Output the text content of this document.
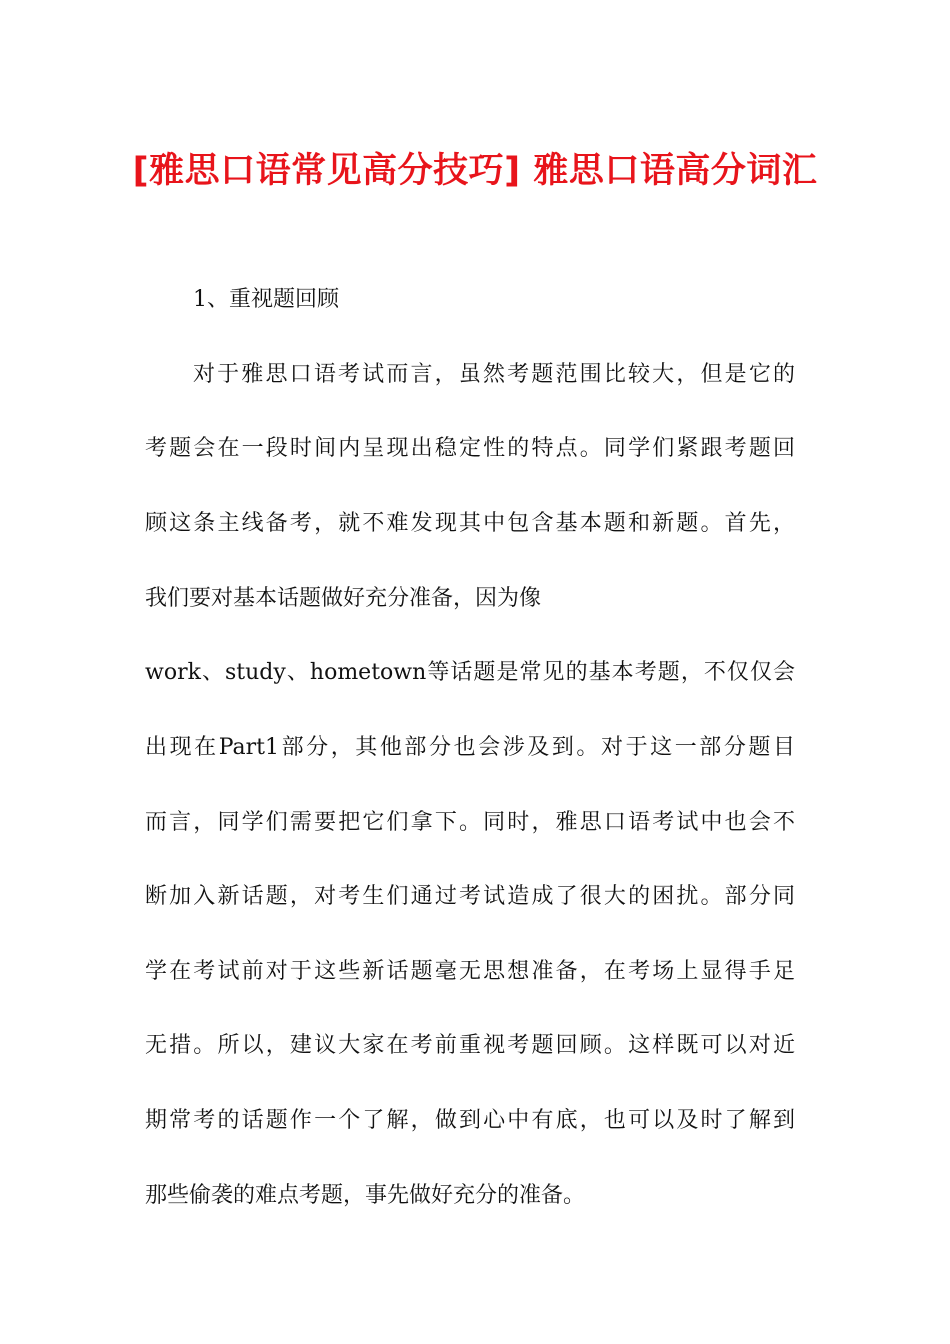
[雅思口语常见高分技巧] 雅思口语高分词汇
1、重视题回顾
对于雅思口语考试而言，虽然考题范围比较大，但是它的
考题会在一段时间内呈现出稳定性的特点。同学们紧跟考题回
顾这条主线备考，就不难发现其中包含基本题和新题。首先，
我们要对基本话题做好充分准备，因为像
work、study、hometown等话题是常见的基本考题，不仅仅会
出现在Part1部分，其他部分也会涉及到。对于这一部分题目
而言，同学们需要把它们拿下。同时，雅思口语考试中也会不
断加入新话题，对考生们通过考试造成了很大的困扰。部分同
学在考试前对于这些新话题毫无思想准备，在考场上显得手足
无措。所以，建议大家在考前重视考题回顾。这样既可以对近
期常考的话题作一个了解，做到心中有底，也可以及时了解到
那些偷袭的难点考题，事先做好充分的准备。
